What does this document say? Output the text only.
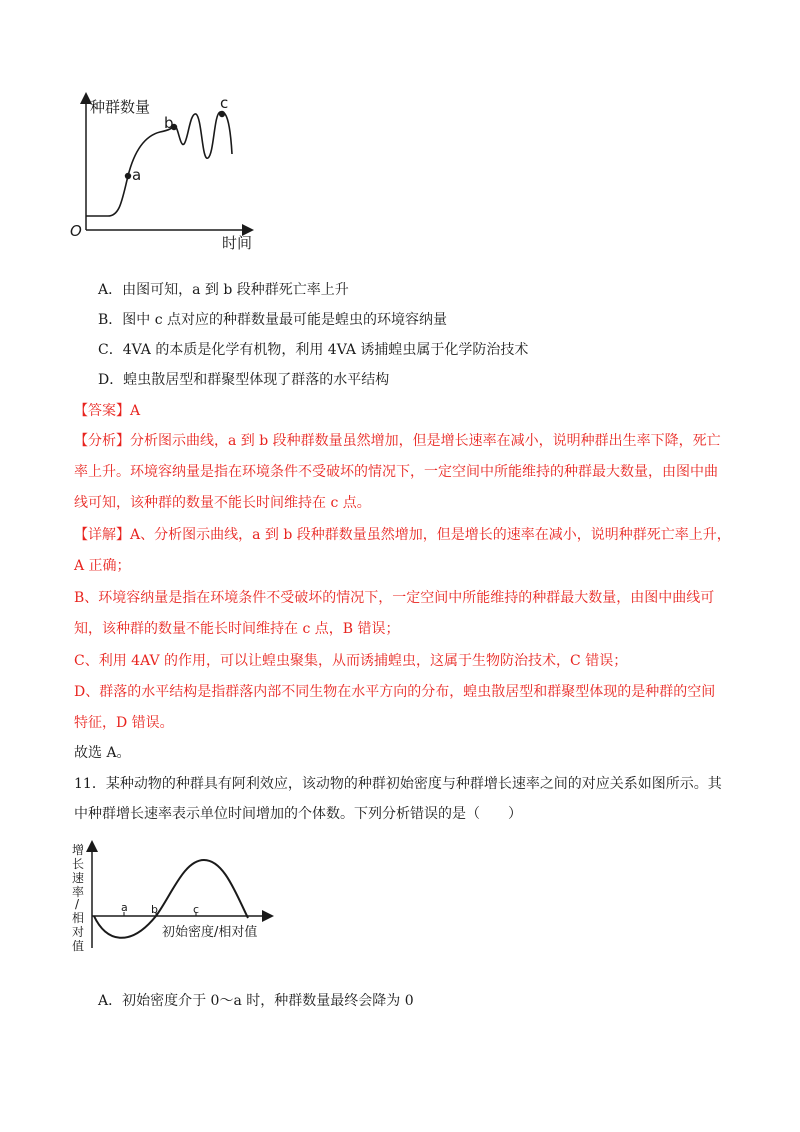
种群数量
时间
O
a
b
c
A．由图可知，a 到 b 段种群死亡率上升
B．图中 c 点对应的种群数量最可能是蝗虫的环境容纳量
C．4VA 的本质是化学有机物，利用 4VA 诱捕蝗虫属于化学防治技术
D．蝗虫散居型和群聚型体现了群落的水平结构
【答案】A
【分析】分析图示曲线，a 到 b 段种群数量虽然增加，但是增长速率在减小，说明种群出生率下降，死亡
率上升。环境容纳量是指在环境条件不受破坏的情况下，一定空间中所能维持的种群最大数量，由图中曲
线可知，该种群的数量不能长时间维持在 c 点。
【详解】A、分析图示曲线，a 到 b 段种群数量虽然增加，但是增长的速率在减小，说明种群死亡率上升，
A 正确；
B、环境容纳量是指在环境条件不受破坏的情况下，一定空间中所能维持的种群最大数量，由图中曲线可
知，该种群的数量不能长时间维持在 c 点，B 错误；
C、利用 4AV 的作用，可以让蝗虫聚集，从而诱捕蝗虫，这属于生物防治技术，C 错误；
D、群落的水平结构是指群落内部不同生物在水平方向的分布，蝗虫散居型和群聚型体现的是种群的空间
特征，D 错误。
故选 A。
11．某种动物的种群具有阿利效应，该动物的种群初始密度与种群增长速率之间的对应关系如图所示。其
中种群增长速率表示单位时间增加的个体数。下列分析错误的是（　　）
增
长
速
率
/
相
对
值
a b	c
初始密度/相对值
A．初始密度介于 0～a 时，种群数量最终会降为 0
